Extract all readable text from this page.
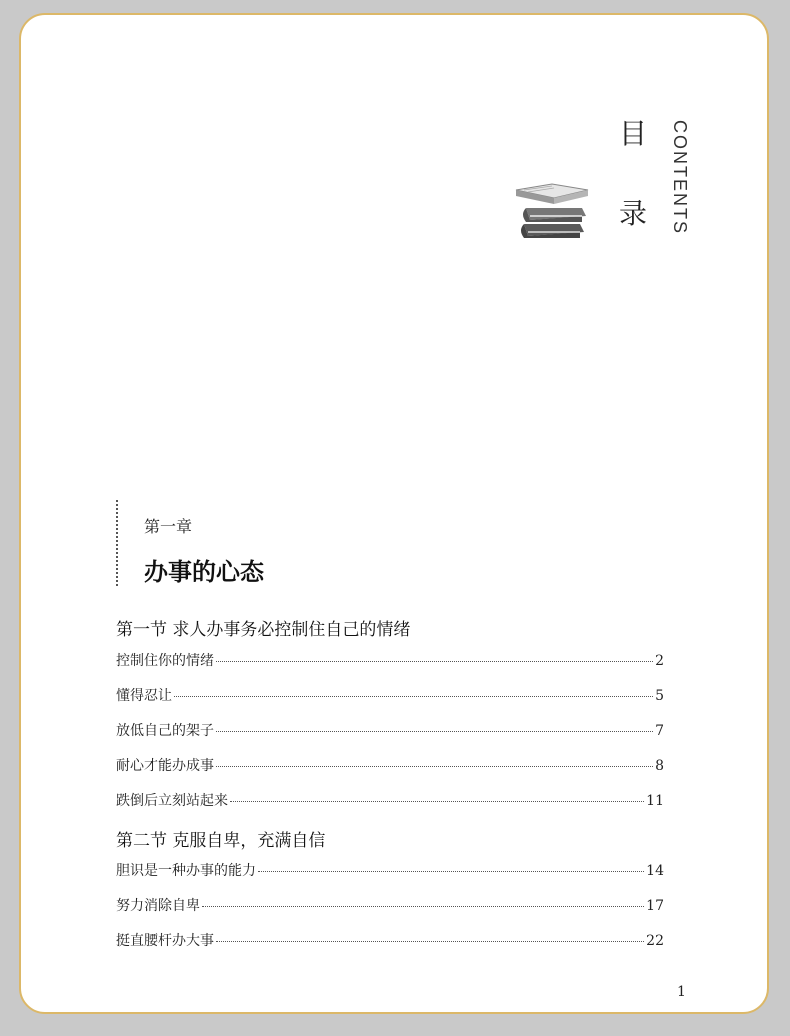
目
录	CONTENTS
第一章
办事的心态
第一节 求人办事务必控制住自己的情绪
控制住你的情绪	2
懂得忍让	5
放低自己的架子	7
耐心才能办成事	8
跌倒后立刻站起来	11
第二节 克服自卑，充满自信
胆识是一种办事的能力	14
努力消除自卑	17
挺直腰杆办大事	22
1
